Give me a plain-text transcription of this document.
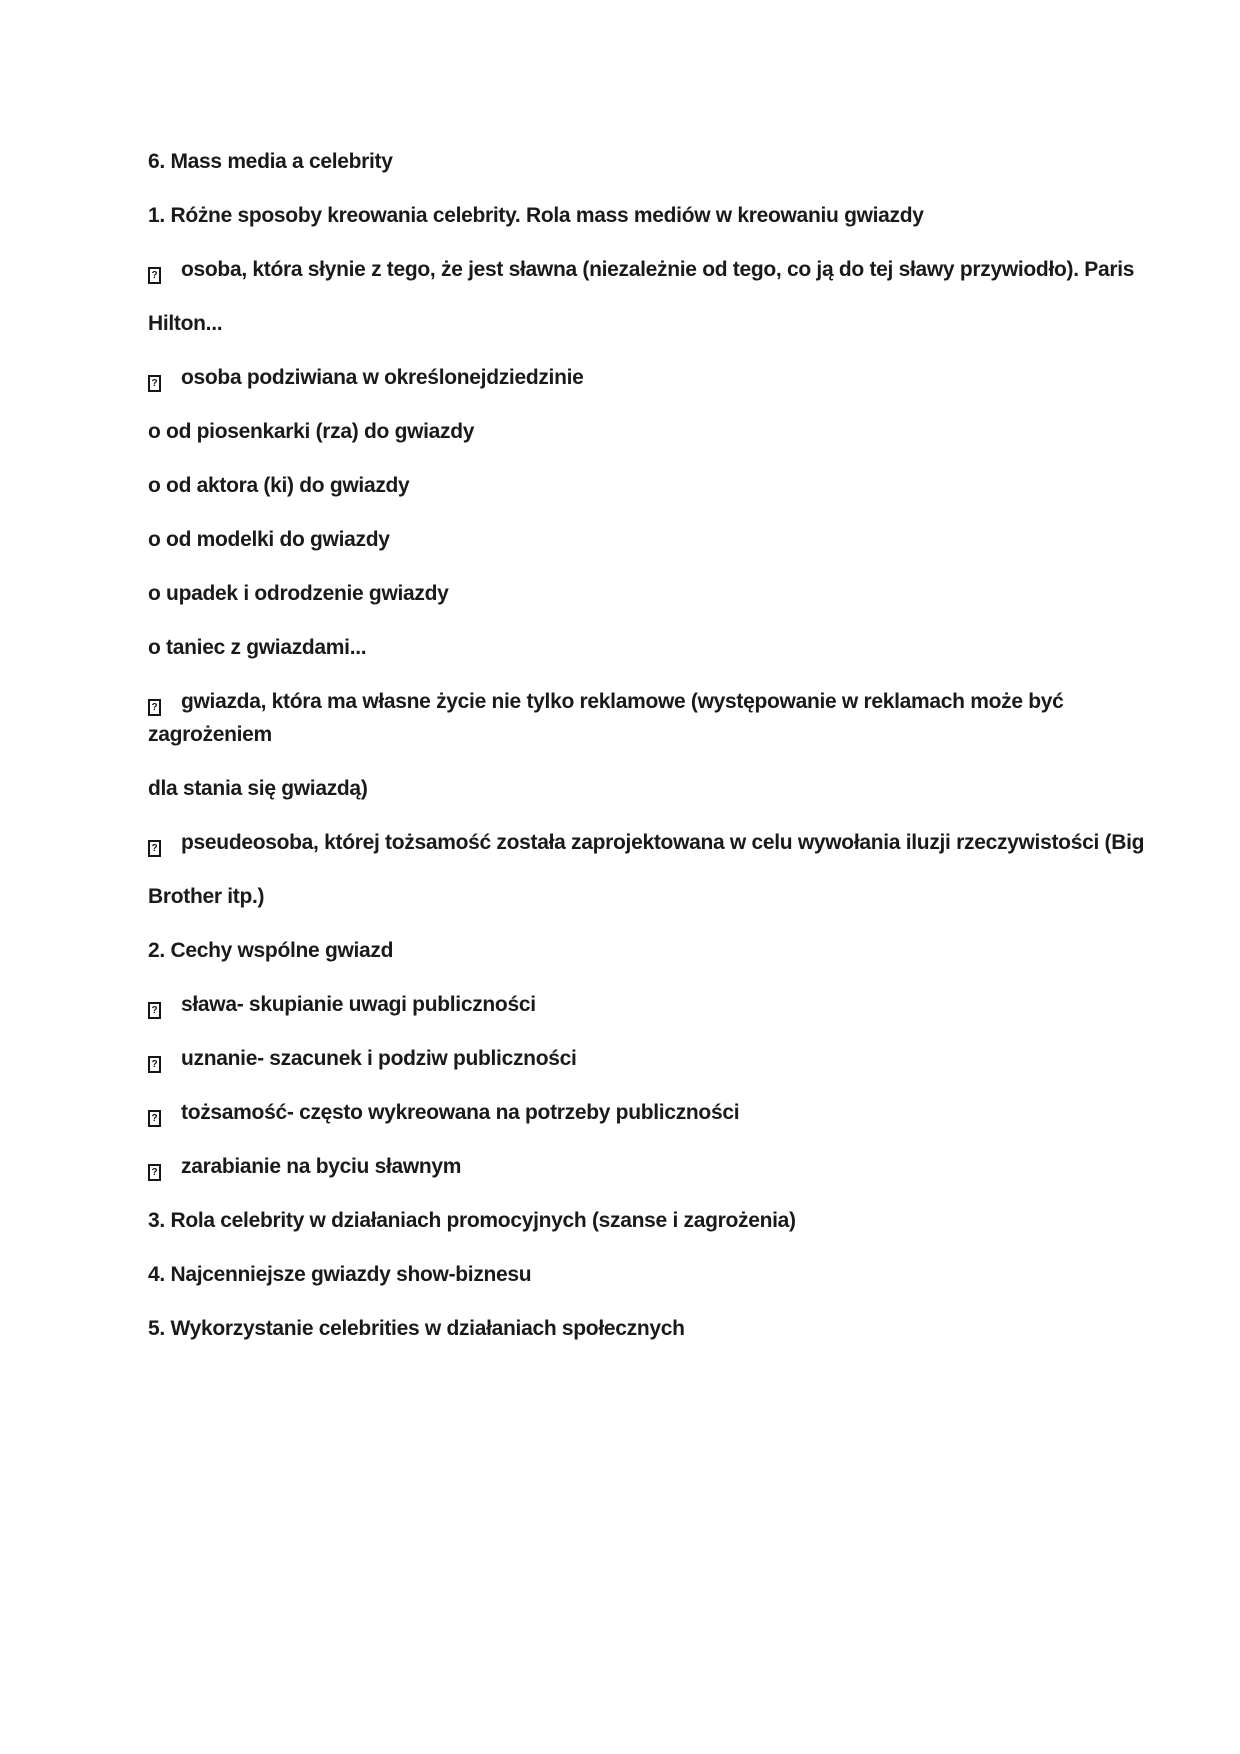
6. Mass media a celebrity

1. Różne sposoby kreowania celebrity. Rola mass mediów w kreowaniu gwiazdy

? osoba, która słynie z tego, że jest sławna (niezależnie od tego, co ją do tej sławy przywiodło). Paris

Hilton...

? osoba podziwiana w określonejdziedzinie

o od piosenkarki (rza) do gwiazdy

o od aktora (ki) do gwiazdy

o od modelki do gwiazdy

o upadek i odrodzenie gwiazdy

o taniec z gwiazdami...

? gwiazda, która ma własne życie nie tylko reklamowe (występowanie w reklamach może być
zagrożeniem

dla stania się gwiazdą)

? pseudeosoba, której tożsamość została zaprojektowana w celu wywołania iluzji rzeczywistości (Big

Brother itp.)

2. Cechy wspólne gwiazd

? sława- skupianie uwagi publiczności

? uznanie- szacunek i podziw publiczności

? tożsamość- często wykreowana na potrzeby publiczności

? zarabianie na byciu sławnym

3. Rola celebrity w działaniach promocyjnych (szanse i zagrożenia)

4. Najcenniejsze gwiazdy show-biznesu

5. Wykorzystanie celebrities w działaniach społecznych
